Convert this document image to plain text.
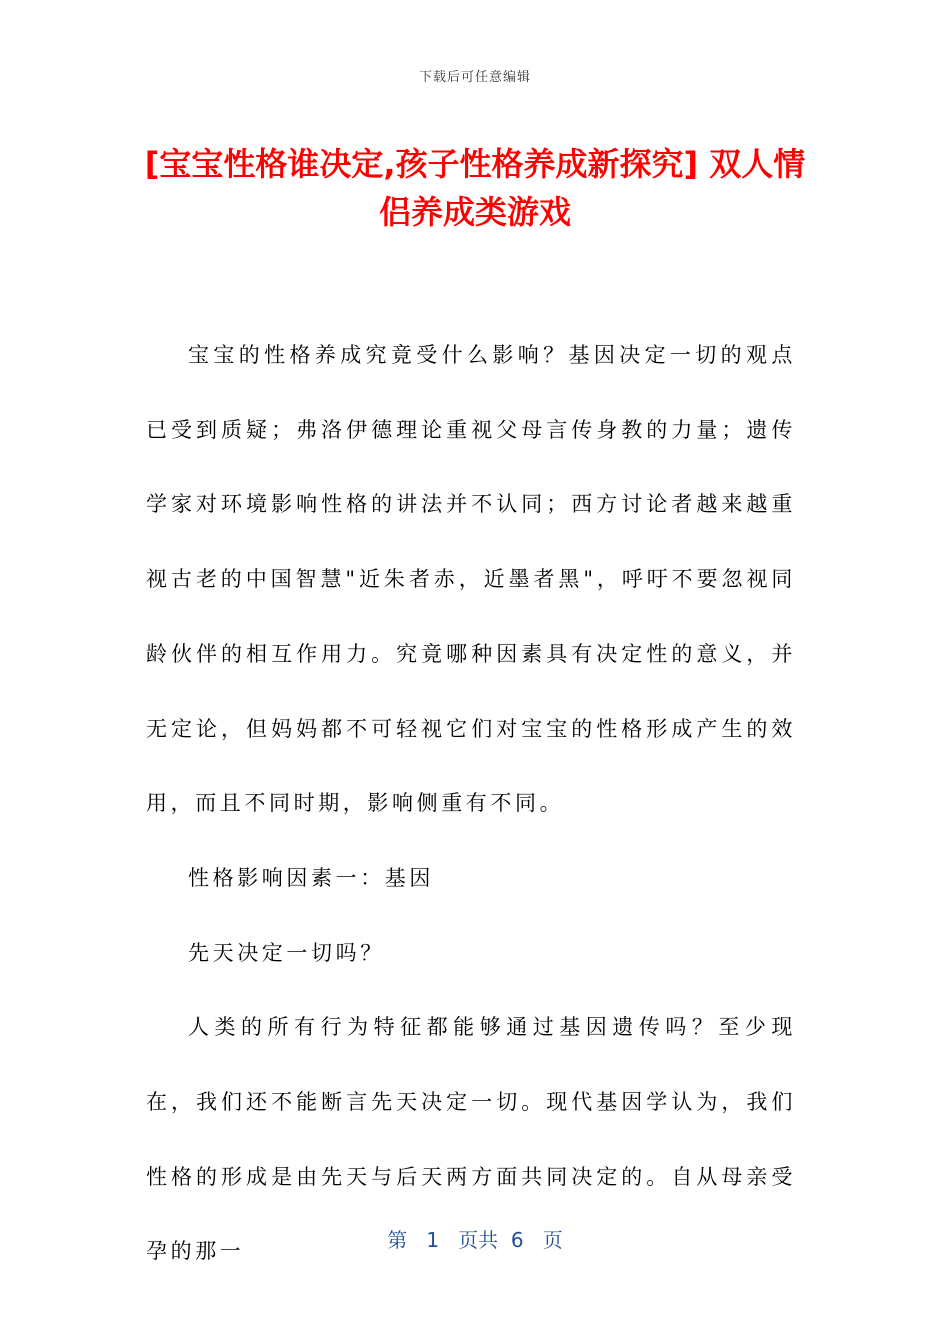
下载后可任意编辑
[宝宝性格谁决定,孩子性格养成新探究] 双人情侣养成类游戏

宝宝的性格养成究竟受什么影响？基因决定一切的观点已受到质疑；弗洛伊德理论重视父母言传身教的力量；遗传学家对环境影响性格的讲法并不认同；西方讨论者越来越重视古老的中国智慧"近朱者赤，近墨者黑"，呼吁不要忽视同龄伙伴的相互作用力。究竟哪种因素具有决定性的意义，并无定论，但妈妈都不可轻视它们对宝宝的性格形成产生的效用，而且不同时期，影响侧重有不同。

性格影响因素一：基因

先天决定一切吗？

人类的所有行为特征都能够通过基因遗传吗？至少现在，我们还不能断言先天决定一切。现代基因学认为，我们性格的形成是由先天与后天两方面共同决定的。自从母亲受孕的那一	第 1 页共 6 页
